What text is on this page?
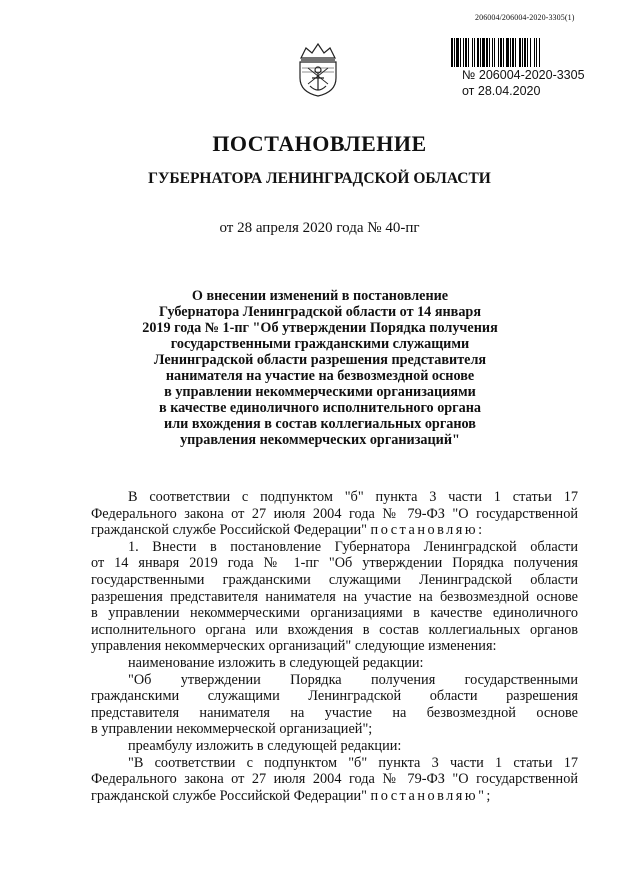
206004/206004-2020-3305(1)
№ 206004-2020-3305
от 28.04.2020
ПОСТАНОВЛЕНИЕ
ГУБЕРНАТОРА ЛЕНИНГРАДСКОЙ ОБЛАСТИ
от 28 апреля 2020 года № 40-пг
О внесении изменений в постановление
Губернатора Ленинградской области от 14 января
2019 года № 1-пг "Об утверждении Порядка получения
государственными гражданскими служащими
Ленинградской области разрешения представителя
нанимателя на участие на безвозмездной основе
в управлении некоммерческими организациями
в качестве единоличного исполнительного органа
или вхождения в состав коллегиальных органов
управления некоммерческих организаций"
В соответствии с подпунктом "б" пункта 3 части 1 статьи 17
Федерального закона от 27 июля 2004 года № 79-ФЗ "О государственной
гражданской службе Российской Федерации" постановляю:
1. Внести в постановление Губернатора Ленинградской области
от 14 января 2019 года № 1-пг "Об утверждении Порядка получения
государственными гражданскими служащими Ленинградской области
разрешения представителя нанимателя на участие на безвозмездной основе
в управлении некоммерческими организациями в качестве единоличного
исполнительного органа или вхождения в состав коллегиальных органов
управления некоммерческих организаций" следующие изменения:
наименование изложить в следующей редакции:
"Об утверждении Порядка получения государственными
гражданскими служащими Ленинградской области разрешения
представителя нанимателя на участие на безвозмездной основе
в управлении некоммерческой организацией";
преамбулу изложить в следующей редакции:
"В соответствии с подпунктом "б" пункта 3 части 1 статьи 17
Федерального закона от 27 июля 2004 года № 79-ФЗ "О государственной
гражданской службе Российской Федерации" постановляю";
